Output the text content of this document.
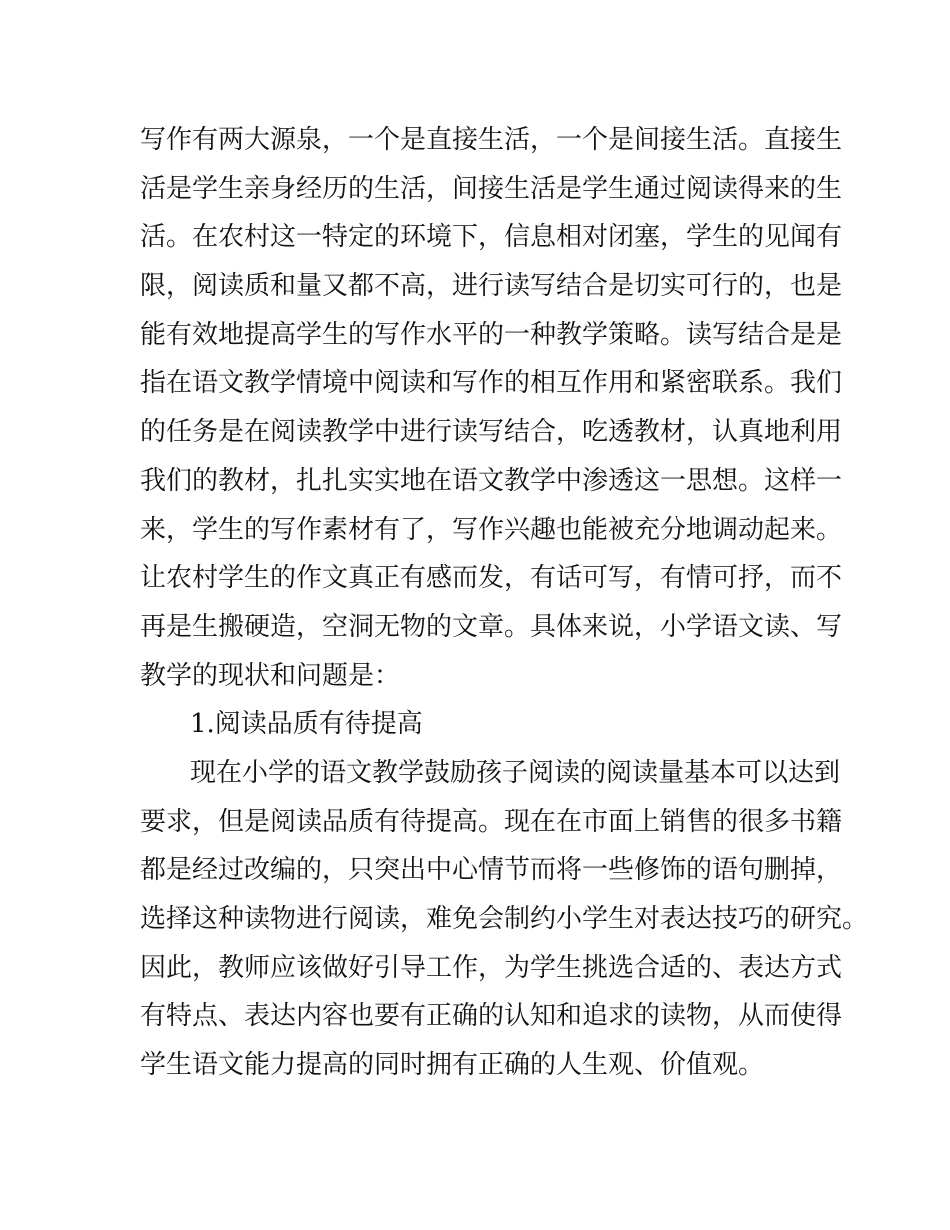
写作有两大源泉，一个是直接生活，一个是间接生活。直接生
活是学生亲身经历的生活，间接生活是学生通过阅读得来的生
活。在农村这一特定的环境下，信息相对闭塞，学生的见闻有
限，阅读质和量又都不高，进行读写结合是切实可行的，也是
能有效地提高学生的写作水平的一种教学策略。读写结合是是
指在语文教学情境中阅读和写作的相互作用和紧密联系。我们
的任务是在阅读教学中进行读写结合，吃透教材，认真地利用
我们的教材，扎扎实实地在语文教学中渗透这一思想。这样一
来，学生的写作素材有了，写作兴趣也能被充分地调动起来。
让农村学生的作文真正有感而发，有话可写，有情可抒，而不
再是生搬硬造，空洞无物的文章。具体来说，小学语文读、写
教学的现状和问题是：
1.阅读品质有待提高
现在小学的语文教学鼓励孩子阅读的阅读量基本可以达到
要求，但是阅读品质有待提高。现在在市面上销售的很多书籍
都是经过改编的，只突出中心情节而将一些修饰的语句删掉，
选择这种读物进行阅读，难免会制约小学生对表达技巧的研究。
因此，教师应该做好引导工作，为学生挑选合适的、表达方式
有特点、表达内容也要有正确的认知和追求的读物，从而使得
学生语文能力提高的同时拥有正确的人生观、价值观。
